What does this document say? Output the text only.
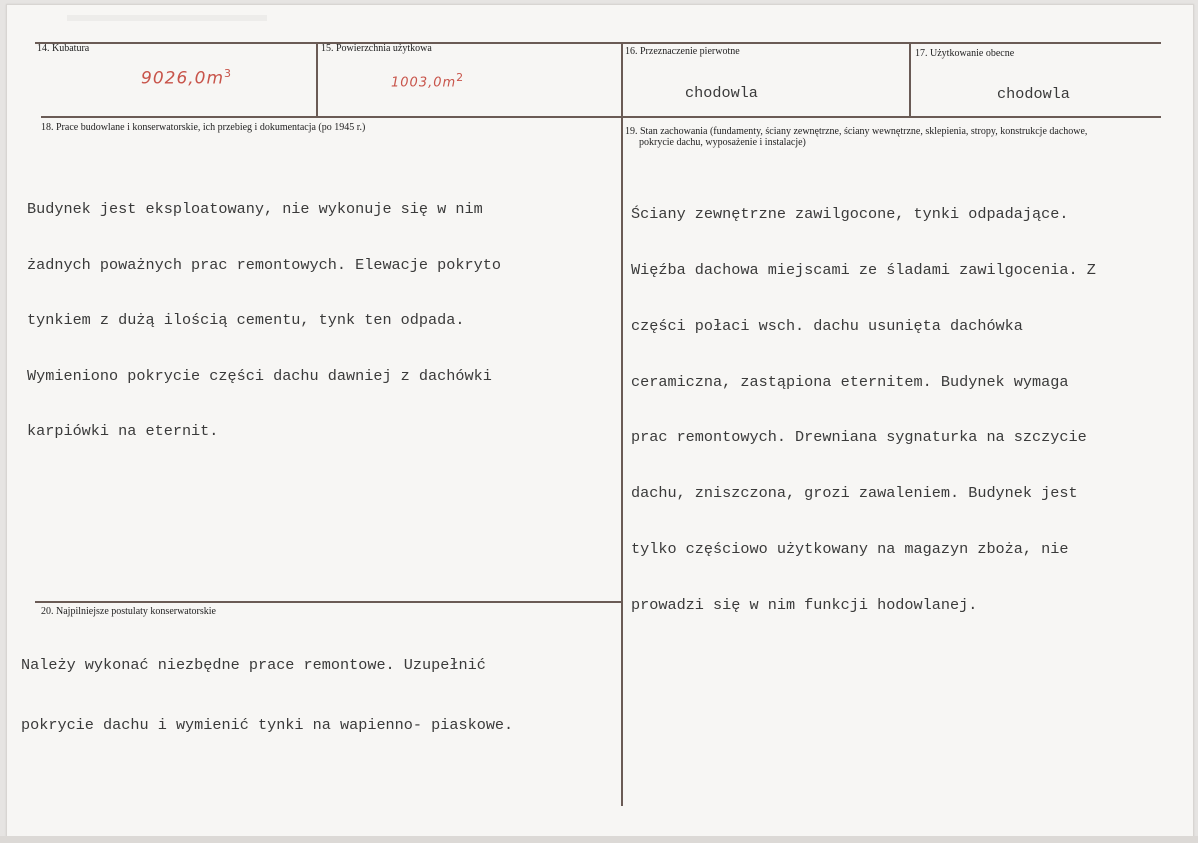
14. Kubatura
$9026,0m^3$
15. Powierzchnia użytkowa
$1003,0m^2$
16. Przeznaczenie pierwotne
chodowla
17. Użytkowanie obecne
chodowla
18. Prace budowlane i konserwatorskie, ich przebieg i dokumentacja (po 1945 r.)

Budynek jest eksploatowany, nie wykonuje się w nim

żadnych poważnych prac remontowych. Elewacje pokryto

tynkiem z dużą ilością cementu, tynk ten odpada.

Wymieniono pokrycie części dachu dawniej z dachówki

karpiówki na eternit.

19. Stan zachowania (fundamenty, ściany zewnętrzne, ściany wewnętrzne, sklepienia, stropy, konstrukcje dachowe,
pokrycie dachu, wyposażenie i instalacje)

Ściany zewnętrzne zawilgocone, tynki odpadające.

Więźba dachowa miejscami ze śladami zawilgocenia. Z

części połaci wsch. dachu usunięta dachówka

ceramiczna, zastąpiona eternitem. Budynek wymaga

prac remontowych. Drewniana sygnaturka na szczycie

dachu, zniszczona, grozi zawaleniem. Budynek jest

tylko częściowo użytkowany na magazyn zboża, nie

prowadzi się w nim funkcji hodowlanej.

20. Najpilniejsze postulaty konserwatorskie

Należy wykonać niezbędne prace remontowe. Uzupełnić

pokrycie dachu i wymienić tynki na wapienno- piaskowe.
